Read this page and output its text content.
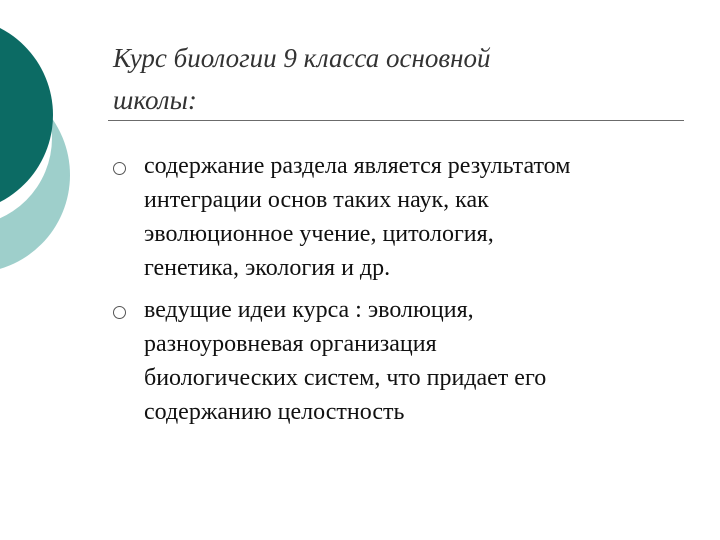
Курс биологии 9 класса основной
школы:
содержание раздела является результатом
интеграции основ таких наук, как
эволюционное учение, цитология,
генетика, экология и др.
ведущие идеи курса : эволюция,
разноуровневая организация
биологических систем, что придает его
содержанию целостность
